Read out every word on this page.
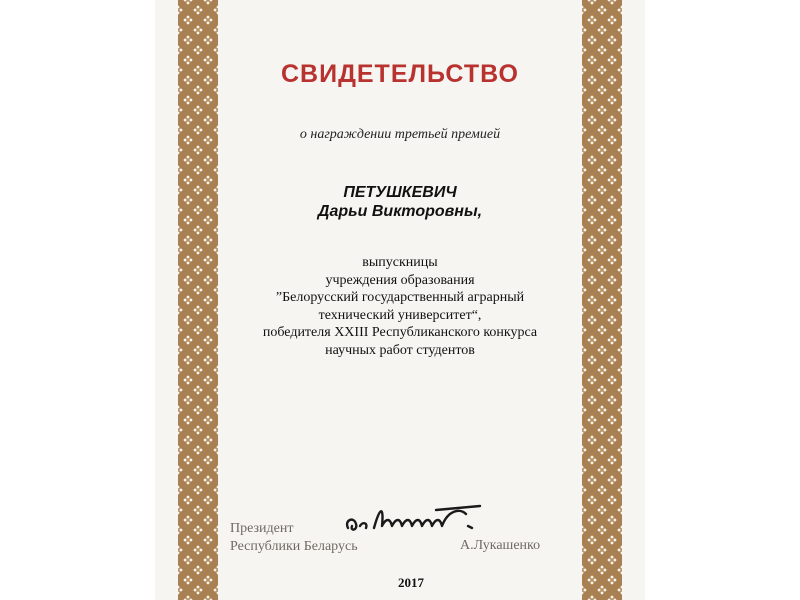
СВИДЕТЕЛЬСТВО
о награждении третьей премией
ПЕТУШКЕВИЧ
Дарьи Викторовны,
выпускницы
учреждения образования
”Белорусский государственный аграрный
технический университет“,
победителя XXIII Республиканского конкурса
научных работ студентов
Президент
Республики Беларусь	А.Лукашенко
2017
